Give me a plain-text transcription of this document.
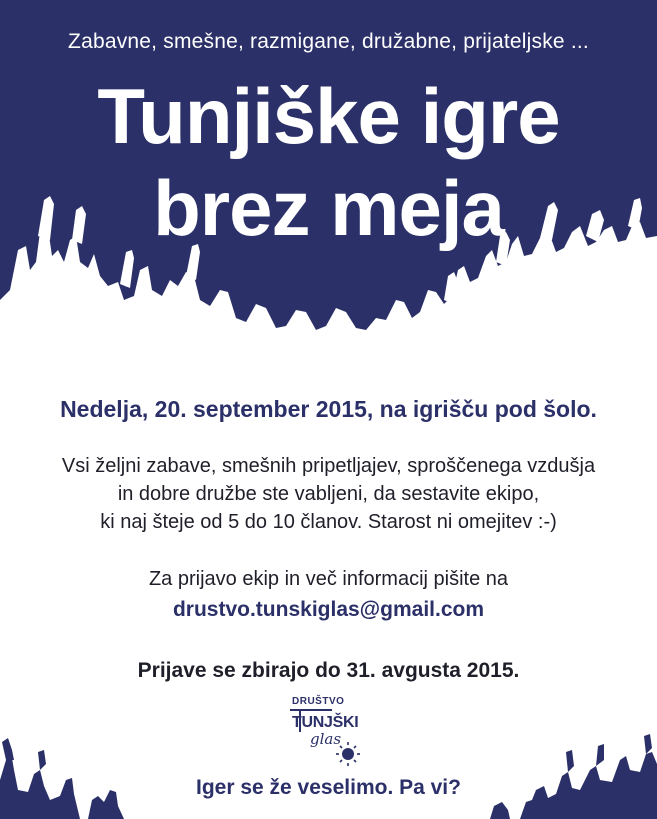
Zabavne, smešne, razmigane, družabne, prijateljske ...
Tunjiške igre
brez meja
Nedelja, 20. september 2015, na igrišču pod šolo.
Vsi željni zabave, smešnih pripetljajev, sproščenega vzdušja
in dobre družbe ste vabljeni, da sestavite ekipo,
ki naj šteje od 5 do 10 članov. Starost ni omejitev :-)
Za prijavo ekip in več informacij pišite na
drustvo.tunskiglas@gmail.com
Prijave se zbirajo do 31. avgusta 2015.
DRUŠTVO
TUNJŠKI
glas
Iger se že veselimo. Pa vi?
